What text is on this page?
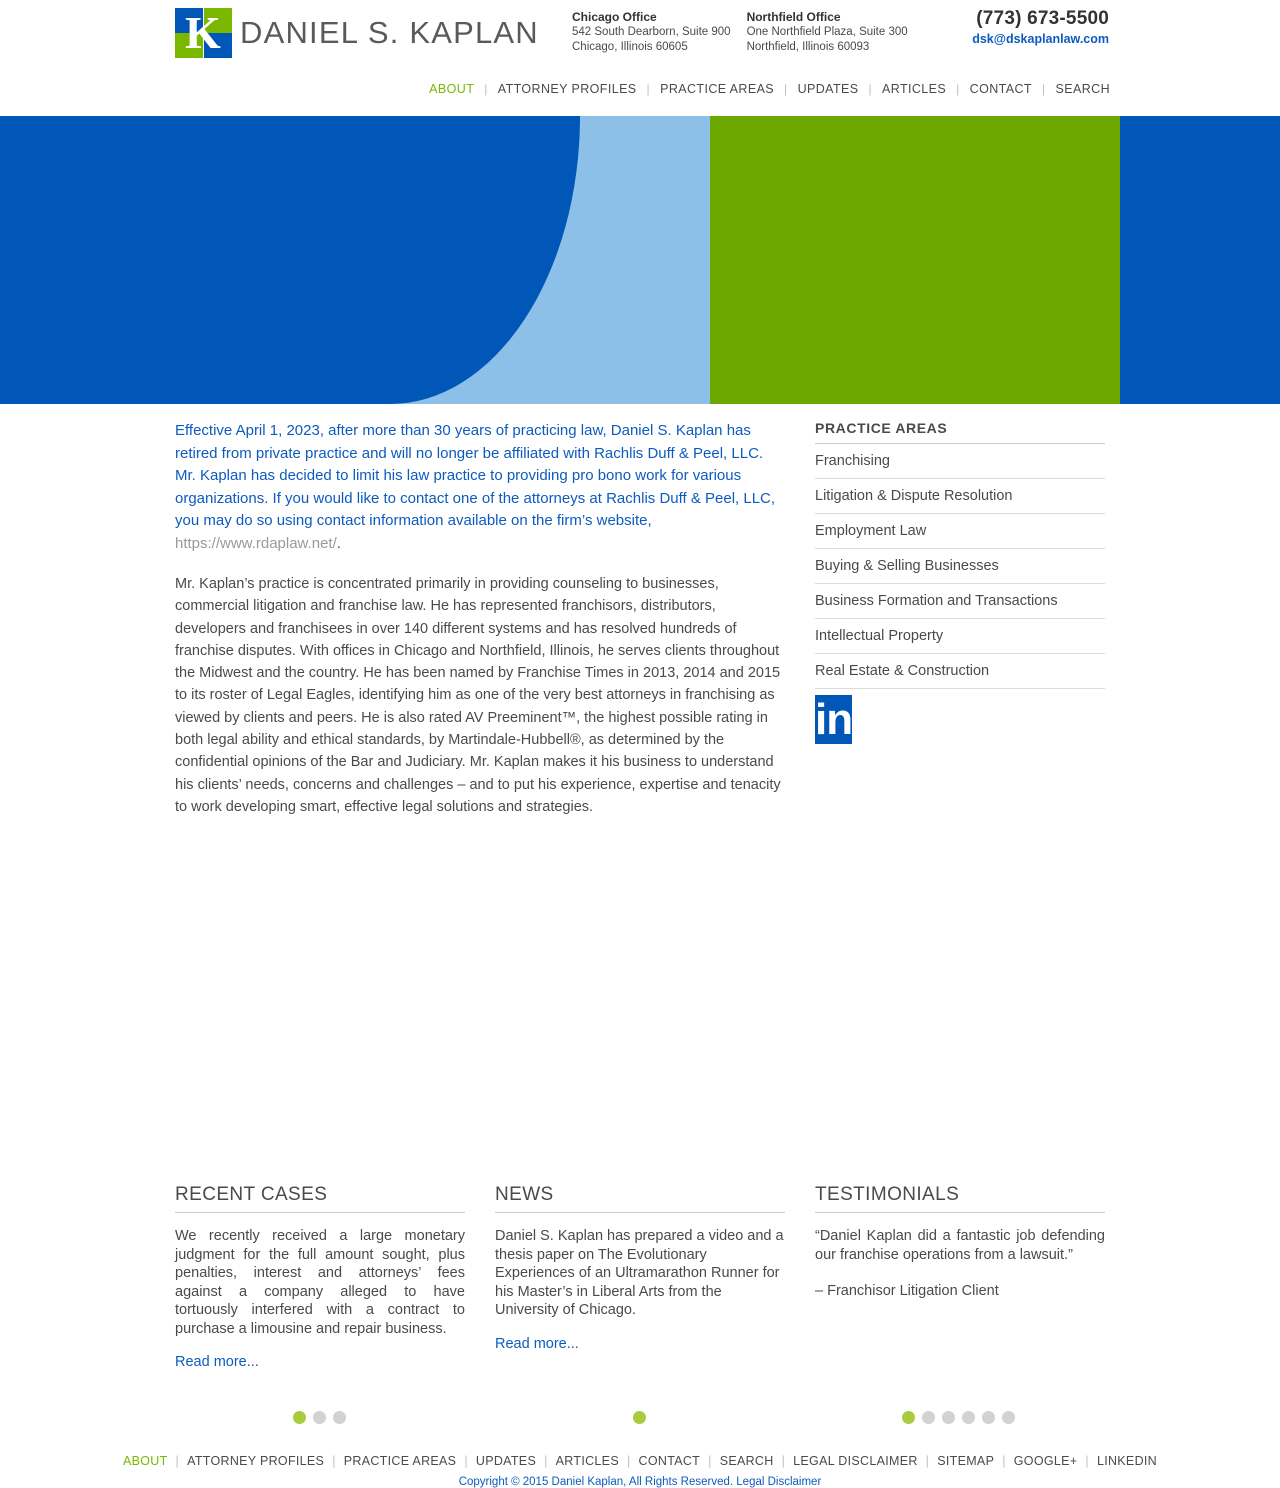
K DANIEL S. KAPLAN	Chicago Office
542 South Dearborn, Suite 900
Chicago, Illinois 60605
Northfield Office
One Northfield Plaza, Suite 300
Northfield, Illinois 60093
(773) 673-5500
dsk@dskaplanlaw.com
ABOUT | ATTORNEY PROFILES | PRACTICE AREAS | UPDATES | ARTICLES | CONTACT | SEARCH

Effective April 1, 2023, after more than 30 years of practicing law, Daniel S. Kaplan has retired from private practice and will no longer be affiliated with Rachlis Duff & Peel, LLC. Mr. Kaplan has decided to limit his law practice to providing pro bono work for various organizations. If you would like to contact one of the attorneys at Rachlis Duff & Peel, LLC, you may do so using contact information available on the firm’s website, https://www.rdaplaw.net/.

Mr. Kaplan’s practice is concentrated primarily in providing counseling to businesses, commercial litigation and franchise law. He has represented franchisors, distributors, developers and franchisees in over 140 different systems and has resolved hundreds of franchise disputes. With offices in Chicago and Northfield, Illinois, he serves clients throughout the Midwest and the country. He has been named by Franchise Times in 2013, 2014 and 2015 to its roster of Legal Eagles, identifying him as one of the very best attorneys in franchising as viewed by clients and peers. He is also rated AV Preeminent™, the highest possible rating in both legal ability and ethical standards, by Martindale-Hubbell®, as determined by the confidential opinions of the Bar and Judiciary. Mr. Kaplan makes it his business to understand his clients’ needs, concerns and challenges – and to put his experience, expertise and tenacity to work developing smart, effective legal solutions and strategies.

PRACTICE AREAS
Franchising
Litigation & Dispute Resolution
Employment Law
Buying & Selling Businesses
Business Formation and Transactions
Intellectual Property
Real Estate & Construction
in
RECENT CASES

We recently received a large monetary judgment for the full amount sought, plus penalties, interest and attorneys’ fees against a company alleged to have tortuously interfered with a contract to purchase a limousine and repair business.

Read more...
NEWS

Daniel S. Kaplan has prepared a video and a thesis paper on The Evolutionary Experiences of an Ultramarathon Runner for his Master’s in Liberal Arts from the University of Chicago.

Read more...
TESTIMONIALS

“Daniel Kaplan did a fantastic job defending our franchise operations from a lawsuit.”

– Franchisor Litigation Client

ABOUT | ATTORNEY PROFILES | PRACTICE AREAS | UPDATES | ARTICLES | CONTACT | SEARCH | LEGAL DISCLAIMER | SITEMAP | GOOGLE+ | LINKEDIN
Copyright © 2015 Daniel Kaplan, All Rights Reserved. Legal Disclaimer
